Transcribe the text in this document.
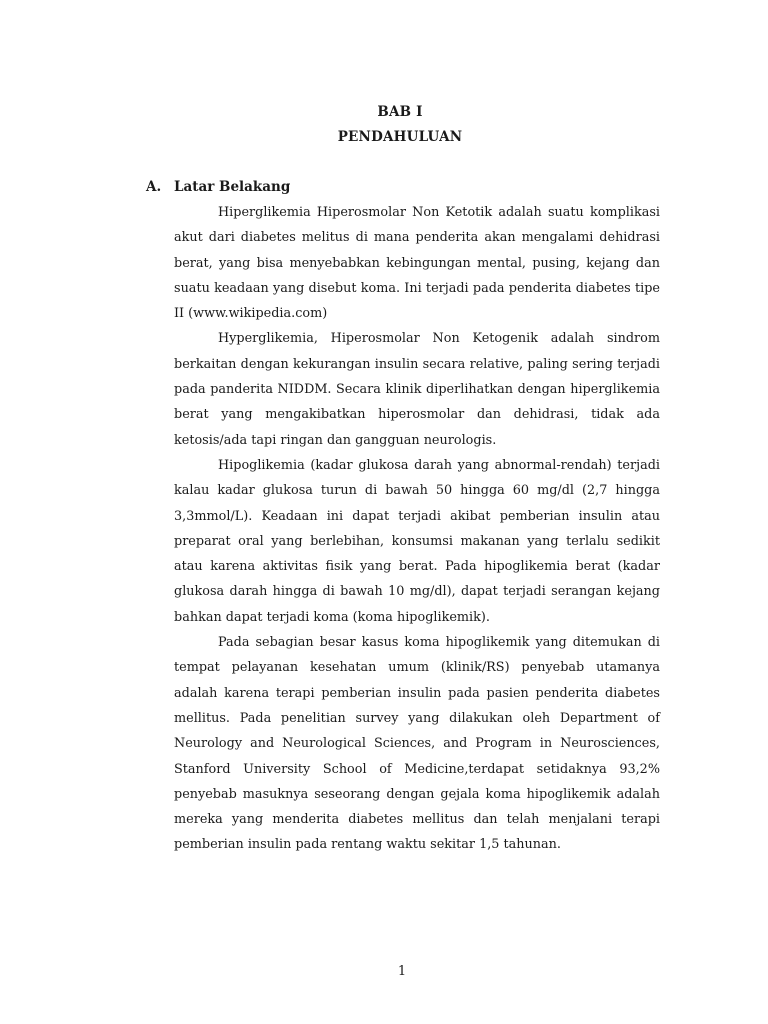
BAB I
PENDAHULUAN
A. Latar Belakang

Hiperglikemia Hiperosmolar Non Ketotik adalah suatu komplikasi akut dari diabetes melitus di mana penderita akan mengalami dehidrasi berat, yang bisa menyebabkan kebingungan mental, pusing, kejang dan suatu keadaan yang disebut koma. Ini terjadi pada penderita diabetes tipe II (www.wikipedia.com)

Hyperglikemia, Hiperosmolar Non Ketogenik adalah sindrom berkaitan dengan kekurangan insulin secara relative, paling sering terjadi pada panderita NIDDM. Secara klinik diperlihatkan dengan hiperglikemia berat yang mengakibatkan hiperosmolar dan dehidrasi, tidak ada ketosis/ada tapi ringan dan gangguan neurologis.

Hipoglikemia (kadar glukosa darah yang abnormal-rendah) terjadi kalau kadar glukosa turun di bawah 50 hingga 60 mg/dl (2,7 hingga 3,3mmol/L). Keadaan ini dapat terjadi akibat pemberian insulin atau preparat oral yang berlebihan, konsumsi makanan yang terlalu sedikit atau karena aktivitas fisik yang berat. Pada hipoglikemia berat (kadar glukosa darah hingga di bawah 10 mg/dl), dapat terjadi serangan kejang bahkan dapat terjadi koma (koma hipoglikemik).

Pada sebagian besar kasus koma hipoglikemik yang ditemukan di tempat pelayanan kesehatan umum (klinik/RS) penyebab utamanya adalah karena terapi pemberian insulin pada pasien penderita diabetes mellitus. Pada penelitian survey yang dilakukan oleh Department of Neurology and Neurological Sciences, and Program in Neurosciences, Stanford University School of Medicine,terdapat setidaknya 93,2% penyebab masuknya seseorang dengan gejala koma hipoglikemik adalah mereka yang menderita diabetes mellitus dan telah menjalani terapi pemberian insulin pada rentang waktu sekitar 1,5 tahunan.

1
